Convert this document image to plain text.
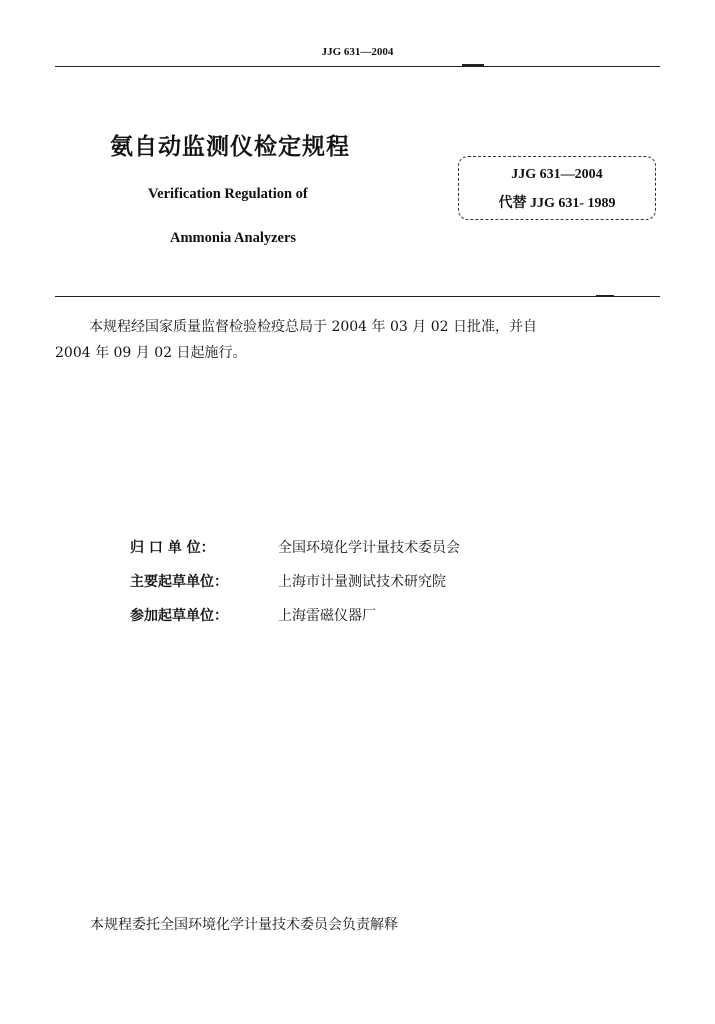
JJG 631—2004
氨自动监测仪检定规程
Verification Regulation of
Ammonia Analyzers
JJG 631—2004
代替 JJG 631- 1989
本规程经国家质量监督检验检疫总局于 2004 年 03 月 02 日批准，并自
2004 年 09 月 02 日起施行。
归 口 单 位：	全国环境化学计量技术委员会
主要起草单位：	上海市计量测试技术研究院
参加起草单位：	上海雷磁仪器厂
本规程委托全国环境化学计量技术委员会负责解释
